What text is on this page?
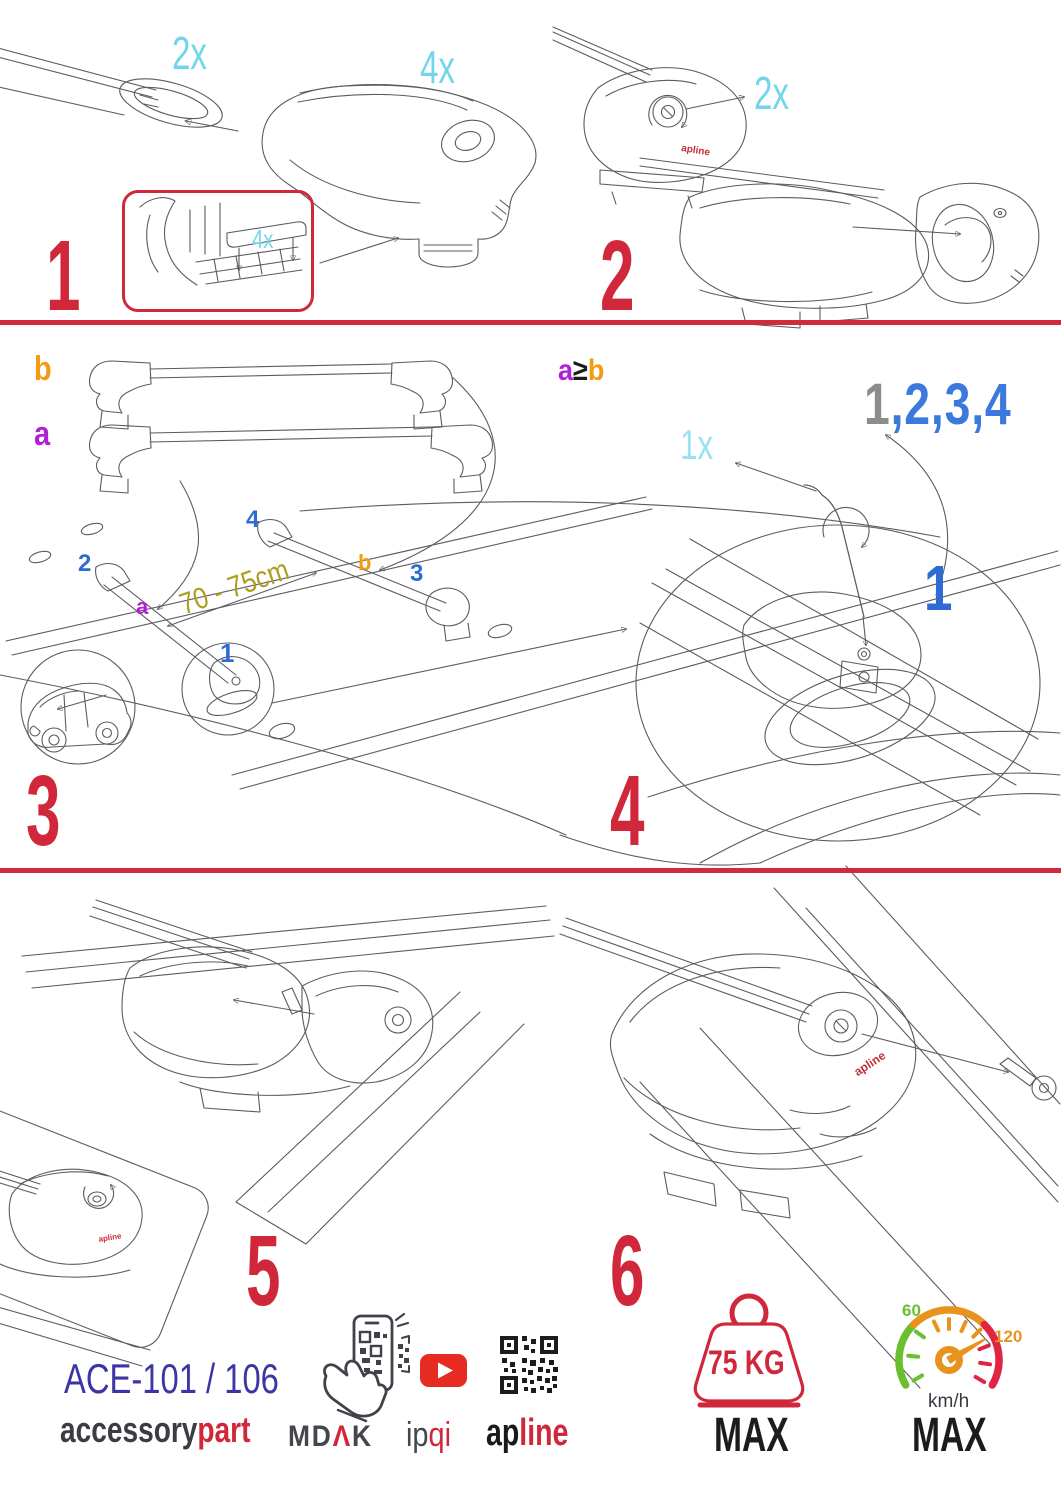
2x	4x
4x
1
2x
2
apline
b
a
a≥b
1,2,3,4
1x
2
4
b 3
a
1
70 - 75cm	1
3	4
5	6
apline
apline
ACE-101 / 106
accessorypart MDΛK ipqi apline
75 KG
MAX
60
120
km/h
MAX
